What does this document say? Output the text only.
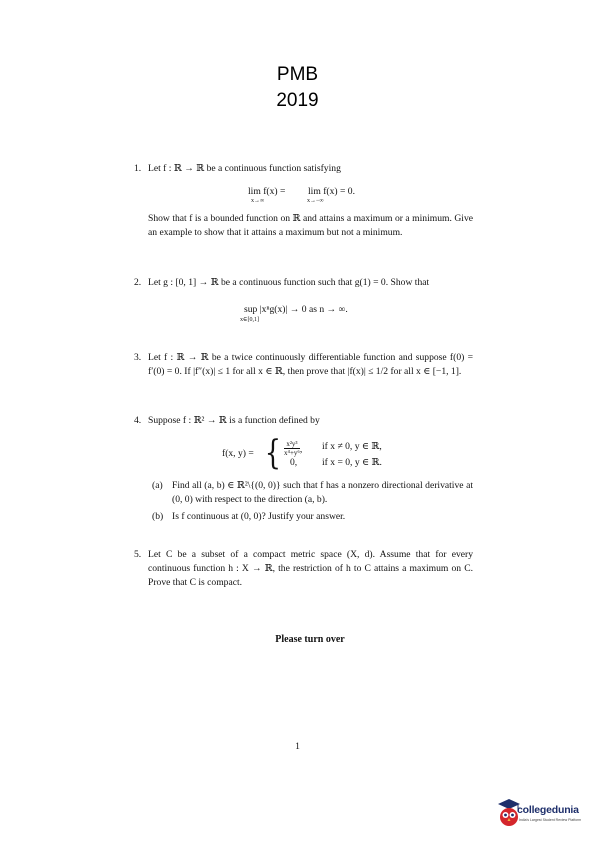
PMB
2019
1. Let f : ℝ → ℝ be a continuous function satisfying
lim f(x) =
x→∞
lim f(x) = 0.
x→−∞
Show that f is a bounded function on ℝ and attains a maximum or a minimum. Give an example to show that it attains a maximum but not a minimum.
2. Let g : [0, 1] → ℝ be a continuous function such that g(1) = 0. Show that
sup |xⁿg(x)| → 0 as n → ∞.
x∈[0,1]
3. Let f : ℝ → ℝ be a twice continuously differentiable function and suppose f(0) = f′(0) = 0. If |f″(x)| ≤ 1 for all x ∈ ℝ, then prove that |f(x)| ≤ 1/2 for all x ∈ [−1, 1].
4. Suppose f : ℝ² → ℝ is a function defined by
f(x, y) = { $\frac{\text{x²y³}}{\text{x⁴+y⁶}}$ , if x ≠ 0, y ∈ ℝ,
0,	if x = 0, y ∈ ℝ.
(a) Find all (a, b) ∈ ℝ²\{(0, 0)} such that f has a nonzero directional derivative at (0, 0) with respect to the direction (a, b).
(b) Is f continuous at (0, 0)? Justify your answer.
5. Let C be a subset of a compact metric space (X, d). Assume that for every continuous function h : X → ℝ, the restriction of h to C attains a maximum on C. Prove that C is compact.
Please turn over
1
collegedunia
India's Largest Student Review Platform
